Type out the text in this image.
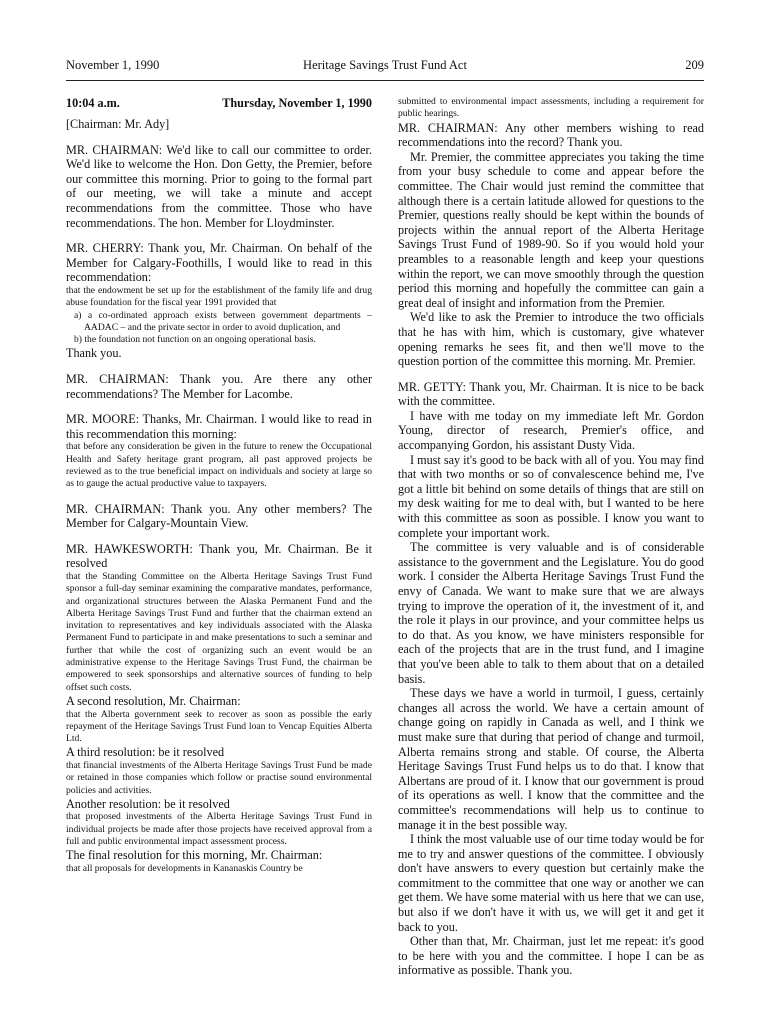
November 1, 1990	Heritage Savings Trust Fund Act	209
10:04 a.m.	Thursday, November 1, 1990

[Chairman: Mr. Ady]

MR. CHAIRMAN: We'd like to call our committee to order. We'd like to welcome the Hon. Don Getty, the Premier, before our committee this morning. Prior to going to the formal part of our meeting, we will take a minute and accept recommendations from the committee. Those who have recommendations. The hon. Member for Lloydminster.

MR. CHERRY: Thank you, Mr. Chairman. On behalf of the Member for Calgary-Foothills, I would like to read in this recommendation:

that the endowment be set up for the establishment of the family life and drug abuse foundation for the fiscal year 1991 provided that

a) a co-ordinated approach exists between government departments – AADAC – and the private sector in order to avoid duplication, and

b) the foundation not function on an ongoing operational basis.

Thank you.

MR. CHAIRMAN: Thank you. Are there any other recommendations? The Member for Lacombe.

MR. MOORE: Thanks, Mr. Chairman. I would like to read in this recommendation this morning:

that before any consideration be given in the future to renew the Occupational Health and Safety heritage grant program, all past approved projects be reviewed as to the true beneficial impact on individuals and society at large so as to gauge the actual productive value to taxpayers.

MR. CHAIRMAN: Thank you. Any other members? The Member for Calgary-Mountain View.

MR. HAWKESWORTH: Thank you, Mr. Chairman. Be it resolved

that the Standing Committee on the Alberta Heritage Savings Trust Fund sponsor a full-day seminar examining the comparative mandates, performance, and organizational structures between the Alaska Permanent Fund and the Alberta Heritage Savings Trust Fund and further that the chairman extend an invitation to representatives and key individuals associated with the Alaska Permanent Fund to participate in and make presentations to such a seminar and further that while the cost of organizing such an event would be an administrative expense to the Heritage Savings Trust Fund, the chairman be empowered to seek sponsorships and alternative sources of funding to help offset such costs.

A second resolution, Mr. Chairman:

that the Alberta government seek to recover as soon as possible the early repayment of the Heritage Savings Trust Fund loan to Vencap Equities Alberta Ltd.

A third resolution: be it resolved

that financial investments of the Alberta Heritage Savings Trust Fund be made or retained in those companies which follow or practise sound environmental policies and activities.

Another resolution: be it resolved

that proposed investments of the Alberta Heritage Savings Trust Fund in individual projects be made after those projects have received approval from a full and public environmental impact assessment process.

The final resolution for this morning, Mr. Chairman:

that all proposals for developments in Kananaskis Country be

submitted to environmental impact assessments, including a requirement for public hearings.

MR. CHAIRMAN: Any other members wishing to read recommendations into the record? Thank you.

Mr. Premier, the committee appreciates you taking the time from your busy schedule to come and appear before the committee. The Chair would just remind the committee that although there is a certain latitude allowed for questions to the Premier, questions really should be kept within the bounds of projects within the annual report of the Alberta Heritage Savings Trust Fund of 1989-90. So if you would hold your preambles to a reasonable length and keep your questions within the report, we can move smoothly through the question period this morning and hopefully the committee can gain a great deal of insight and information from the Premier.

We'd like to ask the Premier to introduce the two officials that he has with him, which is customary, give whatever opening remarks he sees fit, and then we'll move to the question portion of the committee this morning. Mr. Premier.

MR. GETTY: Thank you, Mr. Chairman. It is nice to be back with the committee.

I have with me today on my immediate left Mr. Gordon Young, director of research, Premier's office, and accompanying Gordon, his assistant Dusty Vida.

I must say it's good to be back with all of you. You may find that with two months or so of convalescence behind me, I've got a little bit behind on some details of things that are still on my desk waiting for me to deal with, but I wanted to be here with this committee as soon as possible. I know you want to complete your important work.

The committee is very valuable and is of considerable assistance to the government and the Legislature. You do good work. I consider the Alberta Heritage Savings Trust Fund the envy of Canada. We want to make sure that we are always trying to improve the operation of it, the investment of it, and the role it plays in our province, and your committee helps us to do that. As you know, we have ministers responsible for each of the projects that are in the trust fund, and I imagine that you've been able to talk to them about that on a detailed basis.

These days we have a world in turmoil, I guess, certainly changes all across the world. We have a certain amount of change going on rapidly in Canada as well, and I think we must make sure that during that period of change and turmoil, Alberta remains strong and stable. Of course, the Alberta Heritage Savings Trust Fund helps us to do that. I know that Albertans are proud of it. I know that our government is proud of its operations as well. I know that the committee and the committee's recommendations will help us to continue to manage it in the best possible way.

I think the most valuable use of our time today would be for me to try and answer questions of the committee. I obviously don't have answers to every question but certainly make the commitment to the committee that one way or another we can get them. We have some material with us here that we can use, but also if we don't have it with us, we will get it and get it back to you.

Other than that, Mr. Chairman, just let me repeat: it's good to be here with you and the committee. I hope I can be as informative as possible. Thank you.
